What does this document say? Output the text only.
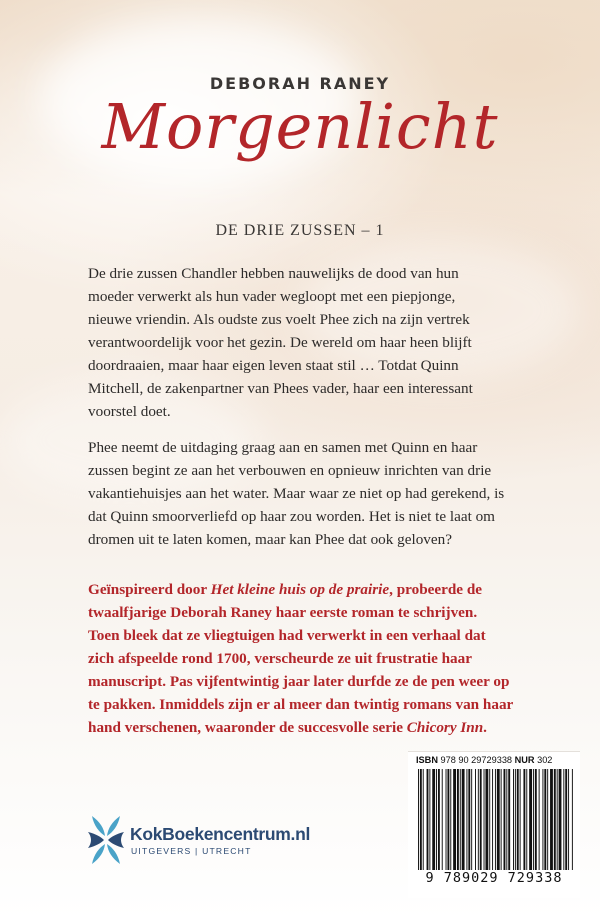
DEBORAH RANEY
Morgenlicht
DE DRIE ZUSSEN – 1

De drie zussen Chandler hebben nauwelijks de dood van hun
moeder verwerkt als hun vader wegloopt met een piepjonge,
nieuwe vriendin. Als oudste zus voelt Phee zich na zijn vertrek
verantwoordelijk voor het gezin. De wereld om haar heen blijft
doordraaien, maar haar eigen leven staat stil … Totdat Quinn
Mitchell, de zakenpartner van Phees vader, haar een interessant
voorstel doet.

Phee neemt de uitdaging graag aan en samen met Quinn en haar
zussen begint ze aan het verbouwen en opnieuw inrichten van drie
vakantiehuisjes aan het water. Maar waar ze niet op had gerekend, is
dat Quinn smoorverliefd op haar zou worden. Het is niet te laat om
dromen uit te laten komen, maar kan Phee dat ook geloven?

Geïnspireerd door Het kleine huis op de prairie, probeerde de
twaalfjarige Deborah Raney haar eerste roman te schrijven.
Toen bleek dat ze vliegtuigen had verwerkt in een verhaal dat
zich afspeelde rond 1700, verscheurde ze uit frustratie haar
manuscript. Pas vijfentwintig jaar later durfde ze de pen weer op
te pakken. Inmiddels zijn er al meer dan twintig romans van haar
hand verschenen, waaronder de succesvolle serie Chicory Inn.

KokBoekencentrum.nl
UITGEVERS | UTRECHT
ISBN 978 90 29729338 NUR 302
9 789029 729338
